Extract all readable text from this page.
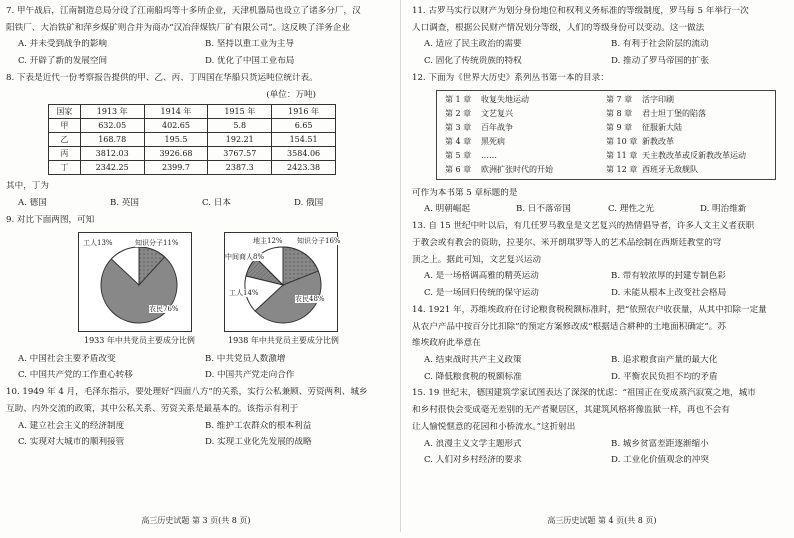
7. 甲午战后，江南制造总局分设了江南船坞等十多所企业，天津机器局也设立了诸多分厂，汉
阳铁厂、大冶铁矿和萍乡煤矿则合并为商办“汉冶萍煤铁厂矿有限公司”。这反映了洋务企业
A. 并未受到战争的影响	B. 坚持以重工业为主导
C. 开辟了新的发展空间	D. 优化了中国工业布局
8. 下表是近代一份考察报告提供的甲、乙、丙、丁四国在华船只货运吨位统计表。
(单位：万吨)
国家	1913 年	1914 年	1915 年	1916 年
甲	632.05	402.65	5.8	6.65
乙	168.78	195.5	192.21	154.51
丙	3812.03	3926.68	3767.57	3584.06
丁	2342.25	2399.7	2387.3	2423.38
其中，丁为
A. 德国	B. 英国	C. 日本	D. 俄国
9. 对比下面两图，可知
工人13%	知识分子11%
农民76%
1933 年中共党员主要成分比例
地主12% 知识分子16%
中间商人8%
工人14%
农民48%
1938 年中共党员主要成分比例
A. 中国社会主要矛盾改变	B. 中共党员人数激增
C. 中国共产党的工作重心转移	D. 中国共产党走向合作
10. 1949 年 4 月，毛泽东指示，要处理好“四面八方”的关系，实行公私兼顾、劳资两利、城乡
互助、内外交流的政策，其中公私关系、劳资关系是最基本的。该指示有利于
A. 建立社会主义的经济制度	B. 维护工农群众的根本利益
C. 实现对大城市的顺利接管	D. 实现工业化先发展的战略
高三历史试题 第 3 页(共 8 页)
11. 古罗马实行以财产为划分身份地位和权利义务标准的等级制度，罗马每 5 年举行一次
人口调查，根据公民财产情况划分等级，人们的等级身份可以变动。这一做法
A. 适应了民主政治的需要	B. 有利于社会阶层的流动
C. 固化了传统贵族的特权	D. 推动了罗马帝国的扩张
12. 下面为《世界大历史》系列丛书第一本的目录：
第 1 章 收复失地运动	第 7 章 活字印刷
第 2 章 文艺复兴	第 8 章 君士坦丁堡的陷落
第 3 章 百年战争	第 9 章 征服新大陆
第 4 章 黑死病	第 10 章 新教改革
第 5 章 ……	第 11 章 天主教改革或反新教改革运动
第 6 章 欧洲扩张时代的开始	第 12 章 西班牙无敌舰队
可作为本书第 5 章标题的是
A. 明朝崛起	B. 日不落帝国	C. 理性之光	D. 明治维新
13. 自 15 世纪中叶以后，有几任罗马教皇是文艺复兴的热情倡导者，许多人文主义者获职
于教会或有教会的资助，拉斐尔、米开朗琪罗等人的艺术品绘制在西斯廷教堂的穹
顶之上。据此可知，文艺复兴运动
A. 是一场格调高雅的精英运动	B. 带有较浓厚的封建专制色彩
C. 是一场回归传统的保守运动	D. 未能从根本上改变社会格局
14. 1921 年，苏维埃政府在讨论粮食税税额标准时，把“依照农户收获量，从其中扣除一定量
从农户产品中按百分比扣除”的预定方案修改成“根据适合耕种的土地面积确定”。苏
维埃政府此举意在
A. 结束战时共产主义政策	B. 追求粮食亩产量的最大化
C. 降低粮食税的税额标准	D. 平衡农民负担不均的矛盾
15. 19 世纪末，德国建筑学家试图表达了深深的忧虑：“祖国正在变成蒸汽寂寞之地，城市
和乡村很快会变成毫无差别的无产者聚居区，其建筑风格将像监狱一样，再也不会有
让人愉悦惬意的花园和小桥流水。”这折射出
A. 浪漫主义文学主题形式	B. 城乡贫富差距逐渐缩小
C. 人们对乡村经济的要求	D. 工业化价值观念的冲突
高三历史试题 第 4 页(共 8 页)
